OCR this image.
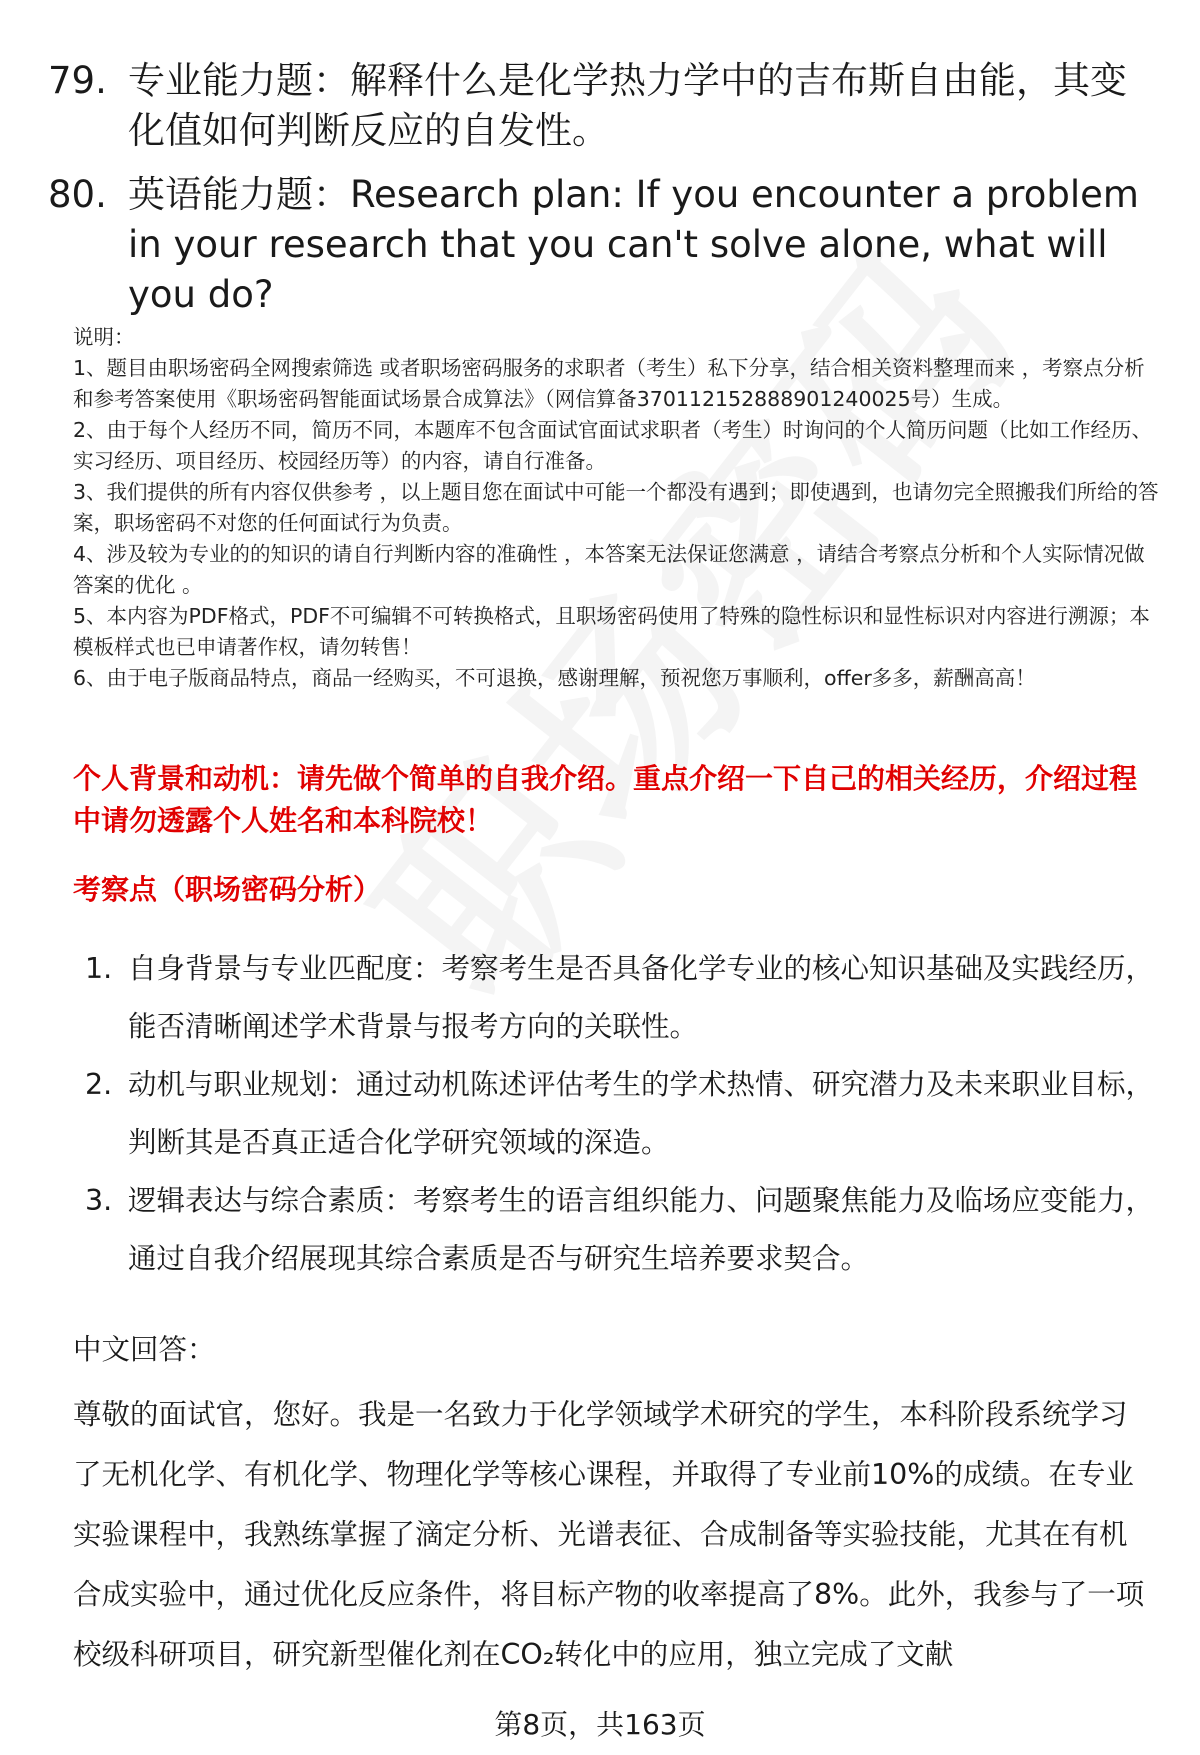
79. 专业能力题：解释什么是化学热力学中的吉布斯自由能，其变化值如何判断反应的自发性。
80. 英语能力题：Research plan: If you encounter a problem in your research that you can't solve alone, what will you do?

说明：

1、题目由职场密码全网搜索筛选 或者职场密码服务的求职者（考生）私下分享，结合相关资料整理而来 ，考察点分析和参考答案使用《职场密码智能面试场景合成算法》（网信算备370112152888901240025号）生成。

2、由于每个人经历不同，简历不同，本题库不包含面试官面试求职者（考生）时询问的个人简历问题（比如工作经历、实习经历、项目经历、校园经历等）的内容，请自行准备。

3、我们提供的所有内容仅供参考 ，以上题目您在面试中可能一个都没有遇到；即使遇到，也请勿完全照搬我们所给的答案，职场密码不对您的任何面试行为负责。

4、涉及较为专业的的知识的请自行判断内容的准确性 ，本答案无法保证您满意 ，请结合考察点分析和个人实际情况做答案的优化 。

5、本内容为PDF格式，PDF不可编辑不可转换格式，且职场密码使用了特殊的隐性标识和显性标识对内容进行溯源；本模板样式也已申请著作权，请勿转售！

6、由于电子版商品特点，商品一经购买，不可退换，感谢理解，预祝您万事顺利，offer多多，薪酬高高！

个人背景和动机：请先做个简单的自我介绍。重点介绍一下自己的相关经历，介绍过程中请勿透露个人姓名和本科院校！
考察点（职场密码分析）
1. 自身背景与专业匹配度：考察考生是否具备化学专业的核心知识基础及实践经历，能否清晰阐述学术背景与报考方向的关联性。
2. 动机与职业规划：通过动机陈述评估考生的学术热情、研究潜力及未来职业目标，判断其是否真正适合化学研究领域的深造。
3. 逻辑表达与综合素质：考察考生的语言组织能力、问题聚焦能力及临场应变能力，通过自我介绍展现其综合素质是否与研究生培养要求契合。
中文回答：
尊敬的面试官，您好。我是一名致力于化学领域学术研究的学生，本科阶段系统学习了无机化学、有机化学、物理化学等核心课程，并取得了专业前10%的成绩。在专业实验课程中，我熟练掌握了滴定分析、光谱表征、合成制备等实验技能，尤其在有机合成实验中，通过优化反应条件，将目标产物的收率提高了8%。此外，我参与了一项校级科研项目，研究新型催化剂在CO₂转化中的应用，独立完成了文献
第8页，共163页
